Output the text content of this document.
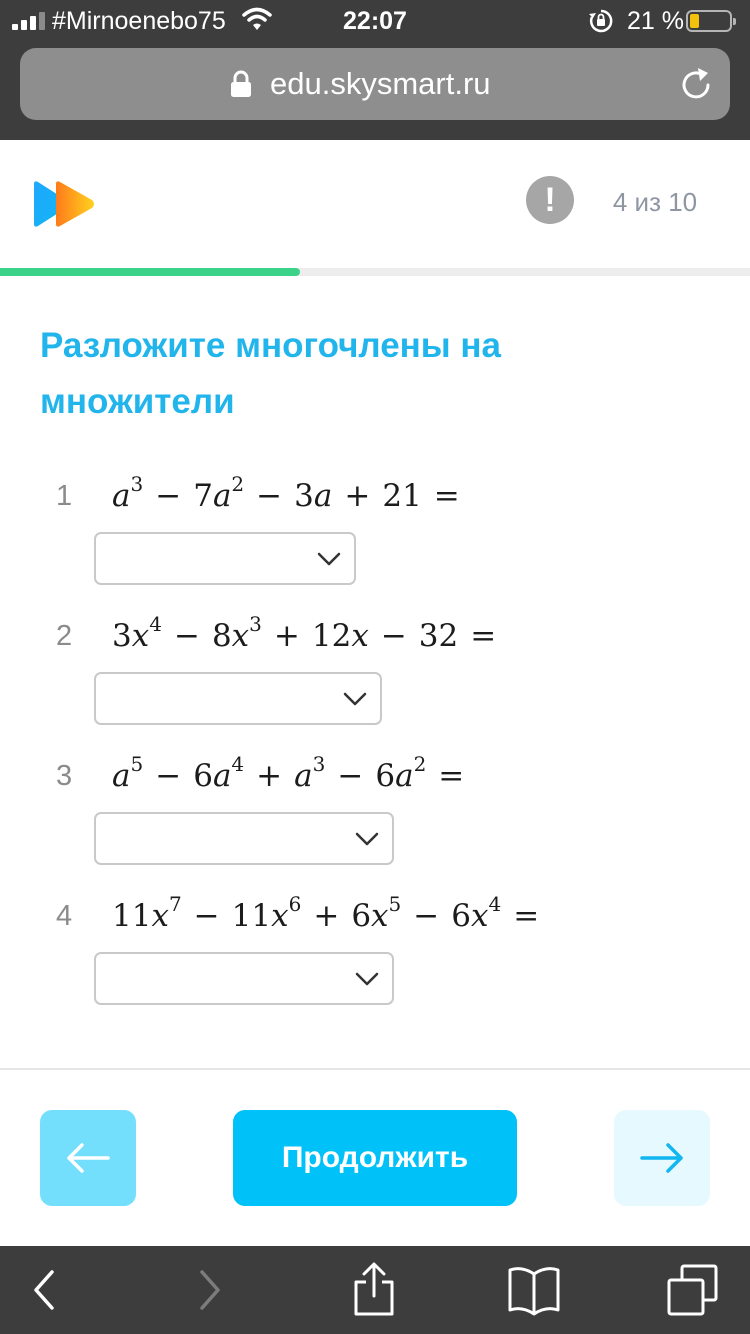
#Mirnoenebo75	22:07	21 %
edu.skysmart.ru
!	4 из 10
Разложите многочлены на множители
1	$a^3 - 7a^2 - 3a + 21$ =
2	$3x^4 - 8x^3 + 12x - 32$ =
3	$a^5 - 6a^4 + a^3 - 6a^2$ =
4	$11x^7 - 11x^6 + 6x^5 - 6x^4$ =
Продолжить
